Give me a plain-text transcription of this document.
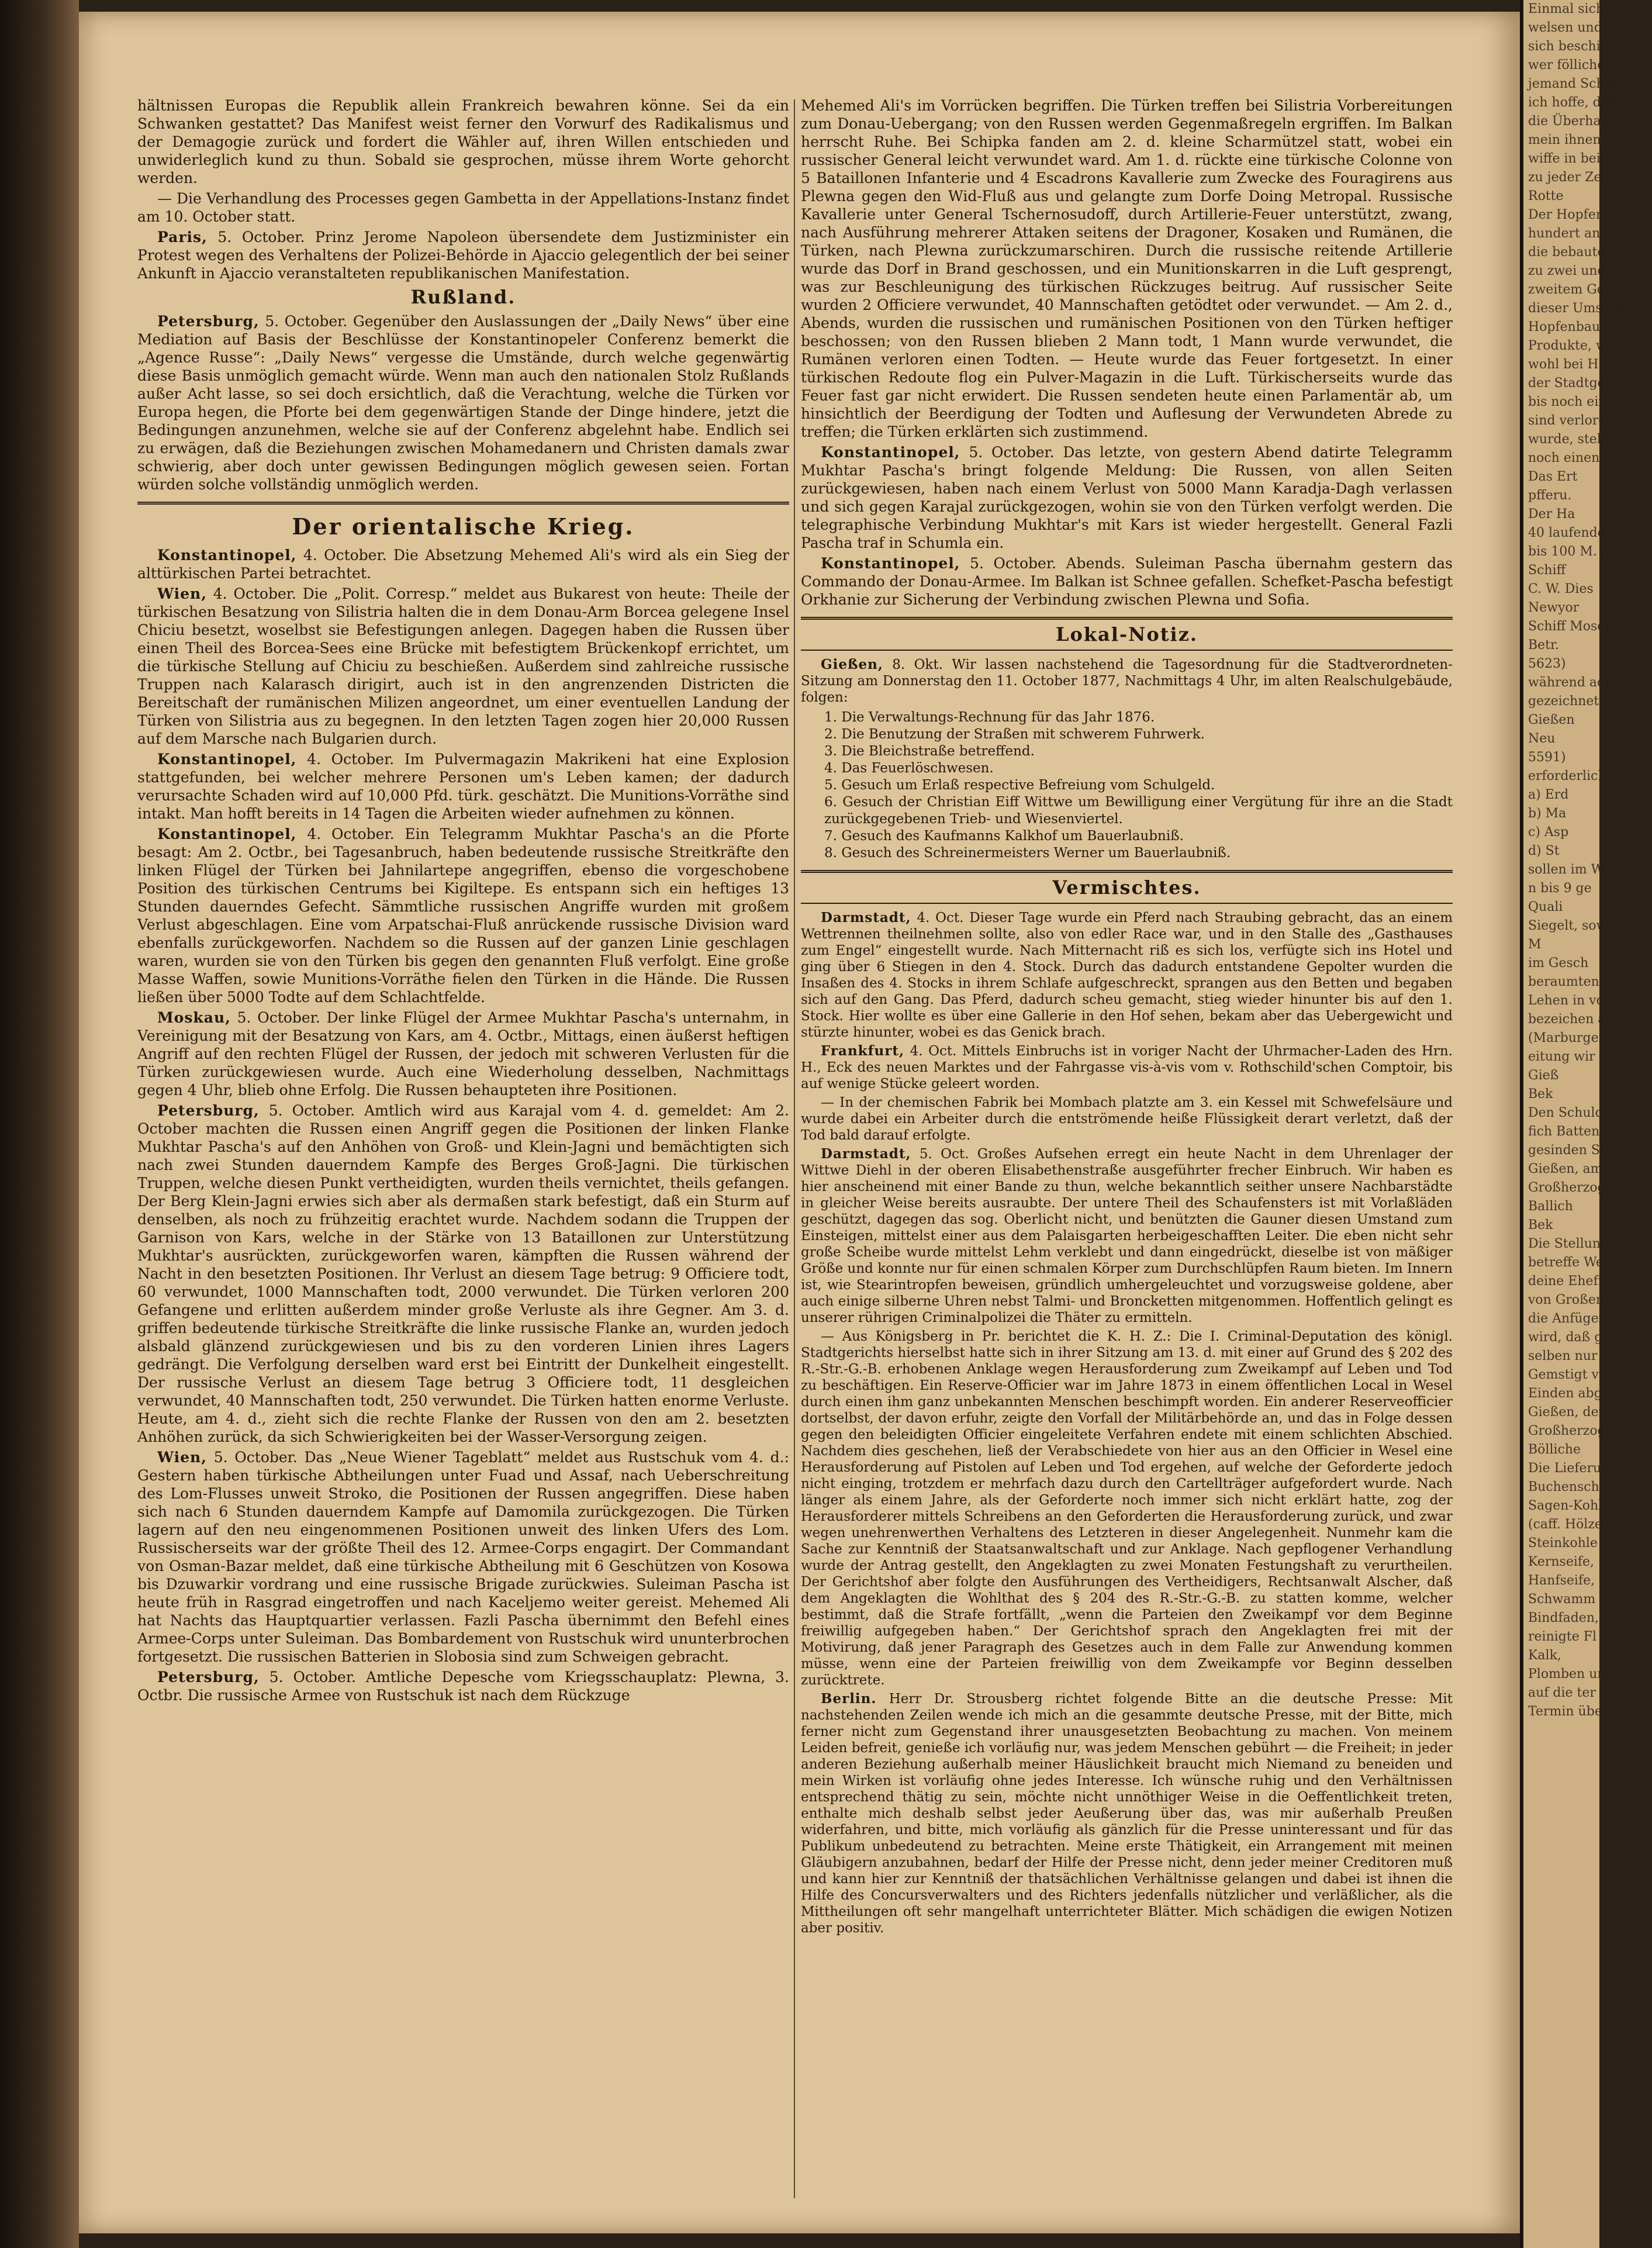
hältnissen Europas die Republik allein Frankreich bewahren könne. Sei da ein Schwanken gestattet? Das Manifest weist ferner den Vorwurf des Radikalismus und der Demagogie zurück und fordert die Wähler auf, ihren Willen entschieden und unwiderleglich kund zu thun. Sobald sie gesprochen, müsse ihrem Worte gehorcht werden.

— Die Verhandlung des Processes gegen Gambetta in der Appellations-Instanz findet am 10. October statt.

Paris, 5. October. Prinz Jerome Napoleon übersendete dem Justizminister ein Protest wegen des Verhaltens der Polizei-Behörde in Ajaccio gelegentlich der bei seiner Ankunft in Ajaccio veranstalteten republikanischen Manifestation.

Rußland.

Petersburg, 5. October. Gegenüber den Auslassungen der „Daily News“ über eine Mediation auf Basis der Beschlüsse der Konstantinopeler Conferenz bemerkt die „Agence Russe“: „Daily News“ vergesse die Umstände, durch welche gegenwärtig diese Basis unmöglich gemacht würde. Wenn man auch den nationalen Stolz Rußlands außer Acht lasse, so sei doch ersichtlich, daß die Verachtung, welche die Türken vor Europa hegen, die Pforte bei dem gegenwärtigen Stande der Dinge hindere, jetzt die Bedingungen anzunehmen, welche sie auf der Conferenz abgelehnt habe. Endlich sei zu erwägen, daß die Beziehungen zwischen Mohamedanern und Christen damals zwar schwierig, aber doch unter gewissen Bedingungen möglich gewesen seien. Fortan würden solche vollständig unmöglich werden.

Der orientalische Krieg.

Konstantinopel, 4. October. Die Absetzung Mehemed Ali's wird als ein Sieg der alttürkischen Partei betrachtet.

Wien, 4. October. Die „Polit. Corresp.“ meldet aus Bukarest von heute: Theile der türkischen Besatzung von Silistria halten die in dem Donau-Arm Borcea gelegene Insel Chiciu besetzt, woselbst sie Befestigungen anlegen. Dagegen haben die Russen über einen Theil des Borcea-Sees eine Brücke mit befestigtem Brückenkopf errichtet, um die türkische Stellung auf Chiciu zu beschießen. Außerdem sind zahlreiche russische Truppen nach Kalarasch dirigirt, auch ist in den angrenzenden Districten die Bereitschaft der rumänischen Milizen angeordnet, um einer eventuellen Landung der Türken von Silistria aus zu begegnen. In den letzten Tagen zogen hier 20,000 Russen auf dem Marsche nach Bulgarien durch.

Konstantinopel, 4. October. Im Pulvermagazin Makrikeni hat eine Explosion stattgefunden, bei welcher mehrere Personen um's Leben kamen; der dadurch verursachte Schaden wird auf 10,000 Pfd. türk. geschätzt. Die Munitions-Vorräthe sind intakt. Man hofft bereits in 14 Tagen die Arbeiten wieder aufnehmen zu können.

Konstantinopel, 4. October. Ein Telegramm Mukhtar Pascha's an die Pforte besagt: Am 2. Octbr., bei Tagesanbruch, haben bedeutende russische Streitkräfte den linken Flügel der Türken bei Jahnilartepe angegriffen, ebenso die vorgeschobene Position des türkischen Centrums bei Kigiltepe. Es entspann sich ein heftiges 13 Stunden dauerndes Gefecht. Sämmtliche russischen Angriffe wurden mit großem Verlust abgeschlagen. Eine vom Arpatschai-Fluß anrückende russische Division ward ebenfalls zurückgeworfen. Nachdem so die Russen auf der ganzen Linie geschlagen waren, wurden sie von den Türken bis gegen den genannten Fluß verfolgt. Eine große Masse Waffen, sowie Munitions-Vorräthe fielen den Türken in die Hände. Die Russen ließen über 5000 Todte auf dem Schlachtfelde.

Moskau, 5. October. Der linke Flügel der Armee Mukhtar Pascha's unternahm, in Vereinigung mit der Besatzung von Kars, am 4. Octbr., Mittags, einen äußerst heftigen Angriff auf den rechten Flügel der Russen, der jedoch mit schweren Verlusten für die Türken zurückgewiesen wurde. Auch eine Wiederholung desselben, Nachmittags gegen 4 Uhr, blieb ohne Erfolg. Die Russen behaupteten ihre Positionen.

Petersburg, 5. October. Amtlich wird aus Karajal vom 4. d. gemeldet: Am 2. October machten die Russen einen Angriff gegen die Positionen der linken Flanke Mukhtar Pascha's auf den Anhöhen von Groß- und Klein-Jagni und bemächtigten sich nach zwei Stunden dauerndem Kampfe des Berges Groß-Jagni. Die türkischen Truppen, welche diesen Punkt vertheidigten, wurden theils vernichtet, theils gefangen. Der Berg Klein-Jagni erwies sich aber als dermaßen stark befestigt, daß ein Sturm auf denselben, als noch zu frühzeitig erachtet wurde. Nachdem sodann die Truppen der Garnison von Kars, welche in der Stärke von 13 Bataillonen zur Unterstützung Mukhtar's ausrückten, zurückgeworfen waren, kämpften die Russen während der Nacht in den besetzten Positionen. Ihr Verlust an diesem Tage betrug: 9 Officiere todt, 60 verwundet, 1000 Mannschaften todt, 2000 verwundet. Die Türken verloren 200 Gefangene und erlitten außerdem minder große Verluste als ihre Gegner. Am 3. d. griffen bedeutende türkische Streitkräfte die linke russische Flanke an, wurden jedoch alsbald glänzend zurückgewiesen und bis zu den vorderen Linien ihres Lagers gedrängt. Die Verfolgung derselben ward erst bei Eintritt der Dunkelheit eingestellt. Der russische Verlust an diesem Tage betrug 3 Officiere todt, 11 desgleichen verwundet, 40 Mannschaften todt, 250 verwundet. Die Türken hatten enorme Verluste. Heute, am 4. d., zieht sich die rechte Flanke der Russen von den am 2. besetzten Anhöhen zurück, da sich Schwierigkeiten bei der Wasser-Versorgung zeigen.

Wien, 5. October. Das „Neue Wiener Tageblatt“ meldet aus Rustschuk vom 4. d.: Gestern haben türkische Abtheilungen unter Fuad und Assaf, nach Ueberschreitung des Lom-Flusses unweit Stroko, die Positionen der Russen angegriffen. Diese haben sich nach 6 Stunden dauerndem Kampfe auf Damomila zurückgezogen. Die Türken lagern auf den neu eingenommenen Positionen unweit des linken Ufers des Lom. Russischerseits war der größte Theil des 12. Armee-Corps engagirt. Der Commandant von Osman-Bazar meldet, daß eine türkische Abtheilung mit 6 Geschützen von Kosowa bis Dzuwarkir vordrang und eine russische Brigade zurückwies. Suleiman Pascha ist heute früh in Rasgrad eingetroffen und nach Kaceljemo weiter gereist. Mehemed Ali hat Nachts das Hauptquartier verlassen. Fazli Pascha übernimmt den Befehl eines Armee-Corps unter Suleiman. Das Bombardement von Rustschuk wird ununterbrochen fortgesetzt. Die russischen Batterien in Slobosia sind zum Schweigen gebracht.

Petersburg, 5. October. Amtliche Depesche vom Kriegsschauplatz: Plewna, 3. Octbr. Die russische Armee von Rustschuk ist nach dem Rückzuge

Mehemed Ali's im Vorrücken begriffen. Die Türken treffen bei Silistria Vorbereitungen zum Donau-Uebergang; von den Russen werden Gegenmaßregeln ergriffen. Im Balkan herrscht Ruhe. Bei Schipka fanden am 2. d. kleine Scharmützel statt, wobei ein russischer General leicht verwundet ward. Am 1. d. rückte eine türkische Colonne von 5 Bataillonen Infanterie und 4 Escadrons Kavallerie zum Zwecke des Fouragirens aus Plewna gegen den Wid-Fluß aus und gelangte zum Dorfe Doing Metropal. Russische Kavallerie unter General Tschernosudoff, durch Artillerie-Feuer unterstützt, zwang, nach Ausführung mehrerer Attaken seitens der Dragoner, Kosaken und Rumänen, die Türken, nach Plewna zurückzumarschiren. Durch die russische reitende Artillerie wurde das Dorf in Brand geschossen, und ein Munitionskarren in die Luft gesprengt, was zur Beschleunigung des türkischen Rückzuges beitrug. Auf russischer Seite wurden 2 Officiere verwundet, 40 Mannschaften getödtet oder verwundet. — Am 2. d., Abends, wurden die russischen und rumänischen Positionen von den Türken heftiger beschossen; von den Russen blieben 2 Mann todt, 1 Mann wurde verwundet, die Rumänen verloren einen Todten. — Heute wurde das Feuer fortgesetzt. In einer türkischen Redoute flog ein Pulver-Magazin in die Luft. Türkischerseits wurde das Feuer fast gar nicht erwidert. Die Russen sendeten heute einen Parlamentär ab, um hinsichtlich der Beerdigung der Todten und Auflesung der Verwundeten Abrede zu treffen; die Türken erklärten sich zustimmend.

Konstantinopel, 5. October. Das letzte, von gestern Abend datirte Telegramm Mukhtar Pascha's bringt folgende Meldung: Die Russen, von allen Seiten zurückgewiesen, haben nach einem Verlust von 5000 Mann Karadja-Dagh verlassen und sich gegen Karajal zurückgezogen, wohin sie von den Türken verfolgt werden. Die telegraphische Verbindung Mukhtar's mit Kars ist wieder hergestellt. General Fazli Pascha traf in Schumla ein.

Konstantinopel, 5. October. Abends. Suleiman Pascha übernahm gestern das Commando der Donau-Armee. Im Balkan ist Schnee gefallen. Schefket-Pascha befestigt Orkhanie zur Sicherung der Verbindung zwischen Plewna und Sofia.

Lokal-Notiz.

Gießen, 8. Okt. Wir lassen nachstehend die Tagesordnung für die Stadtverordneten-Sitzung am Donnerstag den 11. October 1877, Nachmittags 4 Uhr, im alten Realschulgebäude, folgen:

1. Die Verwaltungs-Rechnung für das Jahr 1876.
2. Die Benutzung der Straßen mit schwerem Fuhrwerk.
3. Die Bleichstraße betreffend.
4. Das Feuerlöschwesen.
5. Gesuch um Erlaß respective Befreiung vom Schulgeld.
6. Gesuch der Christian Eiff Wittwe um Bewilligung einer Vergütung für ihre an die Stadt zurückgegebenen Trieb- und Wiesenviertel.
7. Gesuch des Kaufmanns Kalkhof um Bauerlaubniß.
8. Gesuch des Schreinermeisters Werner um Bauerlaubniß.
Vermischtes.

Darmstadt, 4. Oct. Dieser Tage wurde ein Pferd nach Straubing gebracht, das an einem Wettrennen theilnehmen sollte, also von edler Race war, und in den Stalle des „Gasthauses zum Engel“ eingestellt wurde. Nach Mitternacht riß es sich los, verfügte sich ins Hotel und ging über 6 Stiegen in den 4. Stock. Durch das dadurch entstandene Gepolter wurden die Insaßen des 4. Stocks in ihrem Schlafe aufgeschreckt, sprangen aus den Betten und begaben sich auf den Gang. Das Pferd, dadurch scheu gemacht, stieg wieder hinunter bis auf den 1. Stock. Hier wollte es über eine Gallerie in den Hof sehen, bekam aber das Uebergewicht und stürzte hinunter, wobei es das Genick brach.

Frankfurt, 4. Oct. Mittels Einbruchs ist in voriger Nacht der Uhrmacher-Laden des Hrn. H., Eck des neuen Marktes und der Fahrgasse vis-à-vis vom v. Rothschild'schen Comptoir, bis auf wenige Stücke geleert worden.

— In der chemischen Fabrik bei Mombach platzte am 3. ein Kessel mit Schwefelsäure und wurde dabei ein Arbeiter durch die entströmende heiße Flüssigkeit derart verletzt, daß der Tod bald darauf erfolgte.

Darmstadt, 5. Oct. Großes Aufsehen erregt ein heute Nacht in dem Uhrenlager der Wittwe Diehl in der oberen Elisabethenstraße ausgeführter frecher Einbruch. Wir haben es hier anscheinend mit einer Bande zu thun, welche bekanntlich seither unsere Nachbarstädte in gleicher Weise bereits ausraubte. Der untere Theil des Schaufensters ist mit Vorlaßläden geschützt, dagegen das sog. Oberlicht nicht, und benützten die Gauner diesen Umstand zum Einsteigen, mittelst einer aus dem Palaisgarten herbeigeschafften Leiter. Die eben nicht sehr große Scheibe wurde mittelst Lehm verklebt und dann eingedrückt, dieselbe ist von mäßiger Größe und konnte nur für einen schmalen Körper zum Durchschlüpfen Raum bieten. Im Innern ist, wie Stearintropfen beweisen, gründlich umhergeleuchtet und vorzugsweise goldene, aber auch einige silberne Uhren nebst Talmi- und Broncketten mitgenommen. Hoffentlich gelingt es unserer rührigen Criminalpolizei die Thäter zu ermitteln.

— Aus Königsberg in Pr. berichtet die K. H. Z.: Die I. Criminal-Deputation des königl. Stadtgerichts hierselbst hatte sich in ihrer Sitzung am 13. d. mit einer auf Grund des § 202 des R.-Str.-G.-B. erhobenen Anklage wegen Herausforderung zum Zweikampf auf Leben und Tod zu beschäftigen. Ein Reserve-Officier war im Jahre 1873 in einem öffentlichen Local in Wesel durch einen ihm ganz unbekannten Menschen beschimpft worden. Ein anderer Reserveofficier dortselbst, der davon erfuhr, zeigte den Vorfall der Militärbehörde an, und das in Folge dessen gegen den beleidigten Officier eingeleitete Verfahren endete mit einem schlichten Abschied. Nachdem dies geschehen, ließ der Verabschiedete von hier aus an den Officier in Wesel eine Herausforderung auf Pistolen auf Leben und Tod ergehen, auf welche der Geforderte jedoch nicht einging, trotzdem er mehrfach dazu durch den Cartellträger aufgefordert wurde. Nach länger als einem Jahre, als der Geforderte noch immer sich nicht erklärt hatte, zog der Herausforderer mittels Schreibens an den Geforderten die Herausforderung zurück, und zwar wegen unehrenwerthen Verhaltens des Letzteren in dieser Angelegenheit. Nunmehr kam die Sache zur Kenntniß der Staatsanwaltschaft und zur Anklage. Nach gepflogener Verhandlung wurde der Antrag gestellt, den Angeklagten zu zwei Monaten Festungshaft zu verurtheilen. Der Gerichtshof aber folgte den Ausführungen des Vertheidigers, Rechtsanwalt Alscher, daß dem Angeklagten die Wohlthat des § 204 des R.-Str.-G.-B. zu statten komme, welcher bestimmt, daß die Strafe fortfällt, „wenn die Parteien den Zweikampf vor dem Beginne freiwillig aufgegeben haben.“ Der Gerichtshof sprach den Angeklagten frei mit der Motivirung, daß jener Paragraph des Gesetzes auch in dem Falle zur Anwendung kommen müsse, wenn eine der Parteien freiwillig von dem Zweikampfe vor Beginn desselben zurücktrete.

Berlin. Herr Dr. Strousberg richtet folgende Bitte an die deutsche Presse: Mit nachstehenden Zeilen wende ich mich an die gesammte deutsche Presse, mit der Bitte, mich ferner nicht zum Gegenstand ihrer unausgesetzten Beobachtung zu machen. Von meinem Leiden befreit, genieße ich vorläufig nur, was jedem Menschen gebührt — die Freiheit; in jeder anderen Beziehung außerhalb meiner Häuslichkeit braucht mich Niemand zu beneiden und mein Wirken ist vorläufig ohne jedes Interesse. Ich wünsche ruhig und den Verhältnissen entsprechend thätig zu sein, möchte nicht unnöthiger Weise in die Oeffentlichkeit treten, enthalte mich deshalb selbst jeder Aeußerung über das, was mir außerhalb Preußen widerfahren, und bitte, mich vorläufig als gänzlich für die Presse uninteressant und für das Publikum unbedeutend zu betrachten. Meine erste Thätigkeit, ein Arrangement mit meinen Gläubigern anzubahnen, bedarf der Hilfe der Presse nicht, denn jeder meiner Creditoren muß und kann hier zur Kenntniß der thatsächlichen Verhältnisse gelangen und dabei ist ihnen die Hilfe des Concursverwalters und des Richters jedenfalls nützlicher und verläßlicher, als die Mittheilungen oft sehr mangelhaft unterrichteter Blätter. Mich schädigen die ewigen Notizen aber positiv.

Einmal sich 1s,
welsen und
sich beschicht,
wer fölliche
jemand Schäd
ich hoffe, daß
die Überhaupt
mein ihnen
wiffe in bei
zu jeder Zeit
Rotte
Der Hopfenb
hundert angeb
die bebaute F
zu zwei und
zweitem Gemei
dieser Umstand
Hopfenbau frei
Produkte, welc
wohl bei Händ
der Stadtgeme
bis noch einen
sind verloren
wurde, stellt f
noch einen Ert
Das Ert
pfferu.
Der Ha
40 laufende Rü
bis 100 M. pro
Schiff
C. W. Dies
Newyor
Schiff Mosel, Ca
Betr.
5623)
während acht
gezeichneten Behö
Gießen
Neu
5591)
erforderlichen
a) Erd
b) Ma
c) Asp
d) St
sollen im W
n bis 9 ge
Quali
Siegelt, sowie
M
im Gesch
beraumten T
Lehen in vor
bezeichen an
(Marburger
eitung wir
Gieß
Bek
Den Schuld
fich Battenfe
gesinden Steuer
Gießen, am
Großherzogli
Ballich
Bek
Die Stellun
betreffe Weiter
deine Ehefrau
von Großen-Li
die Anfügen
wird, daß gilt
selben nur bu
Gemstigt von
Einden abgede
Gießen, den 2
Großherzoglich
Bölliche
Die Lieferung
Buchenscheit
Sagen-Kohlen
(caff. Hölze
Steinkohle
Kernseife,
Hanfseife,
Schwamm
Bindfaden,
reinigte Fl
Kalk,
Plomben und
auf die ter
Termin übe
